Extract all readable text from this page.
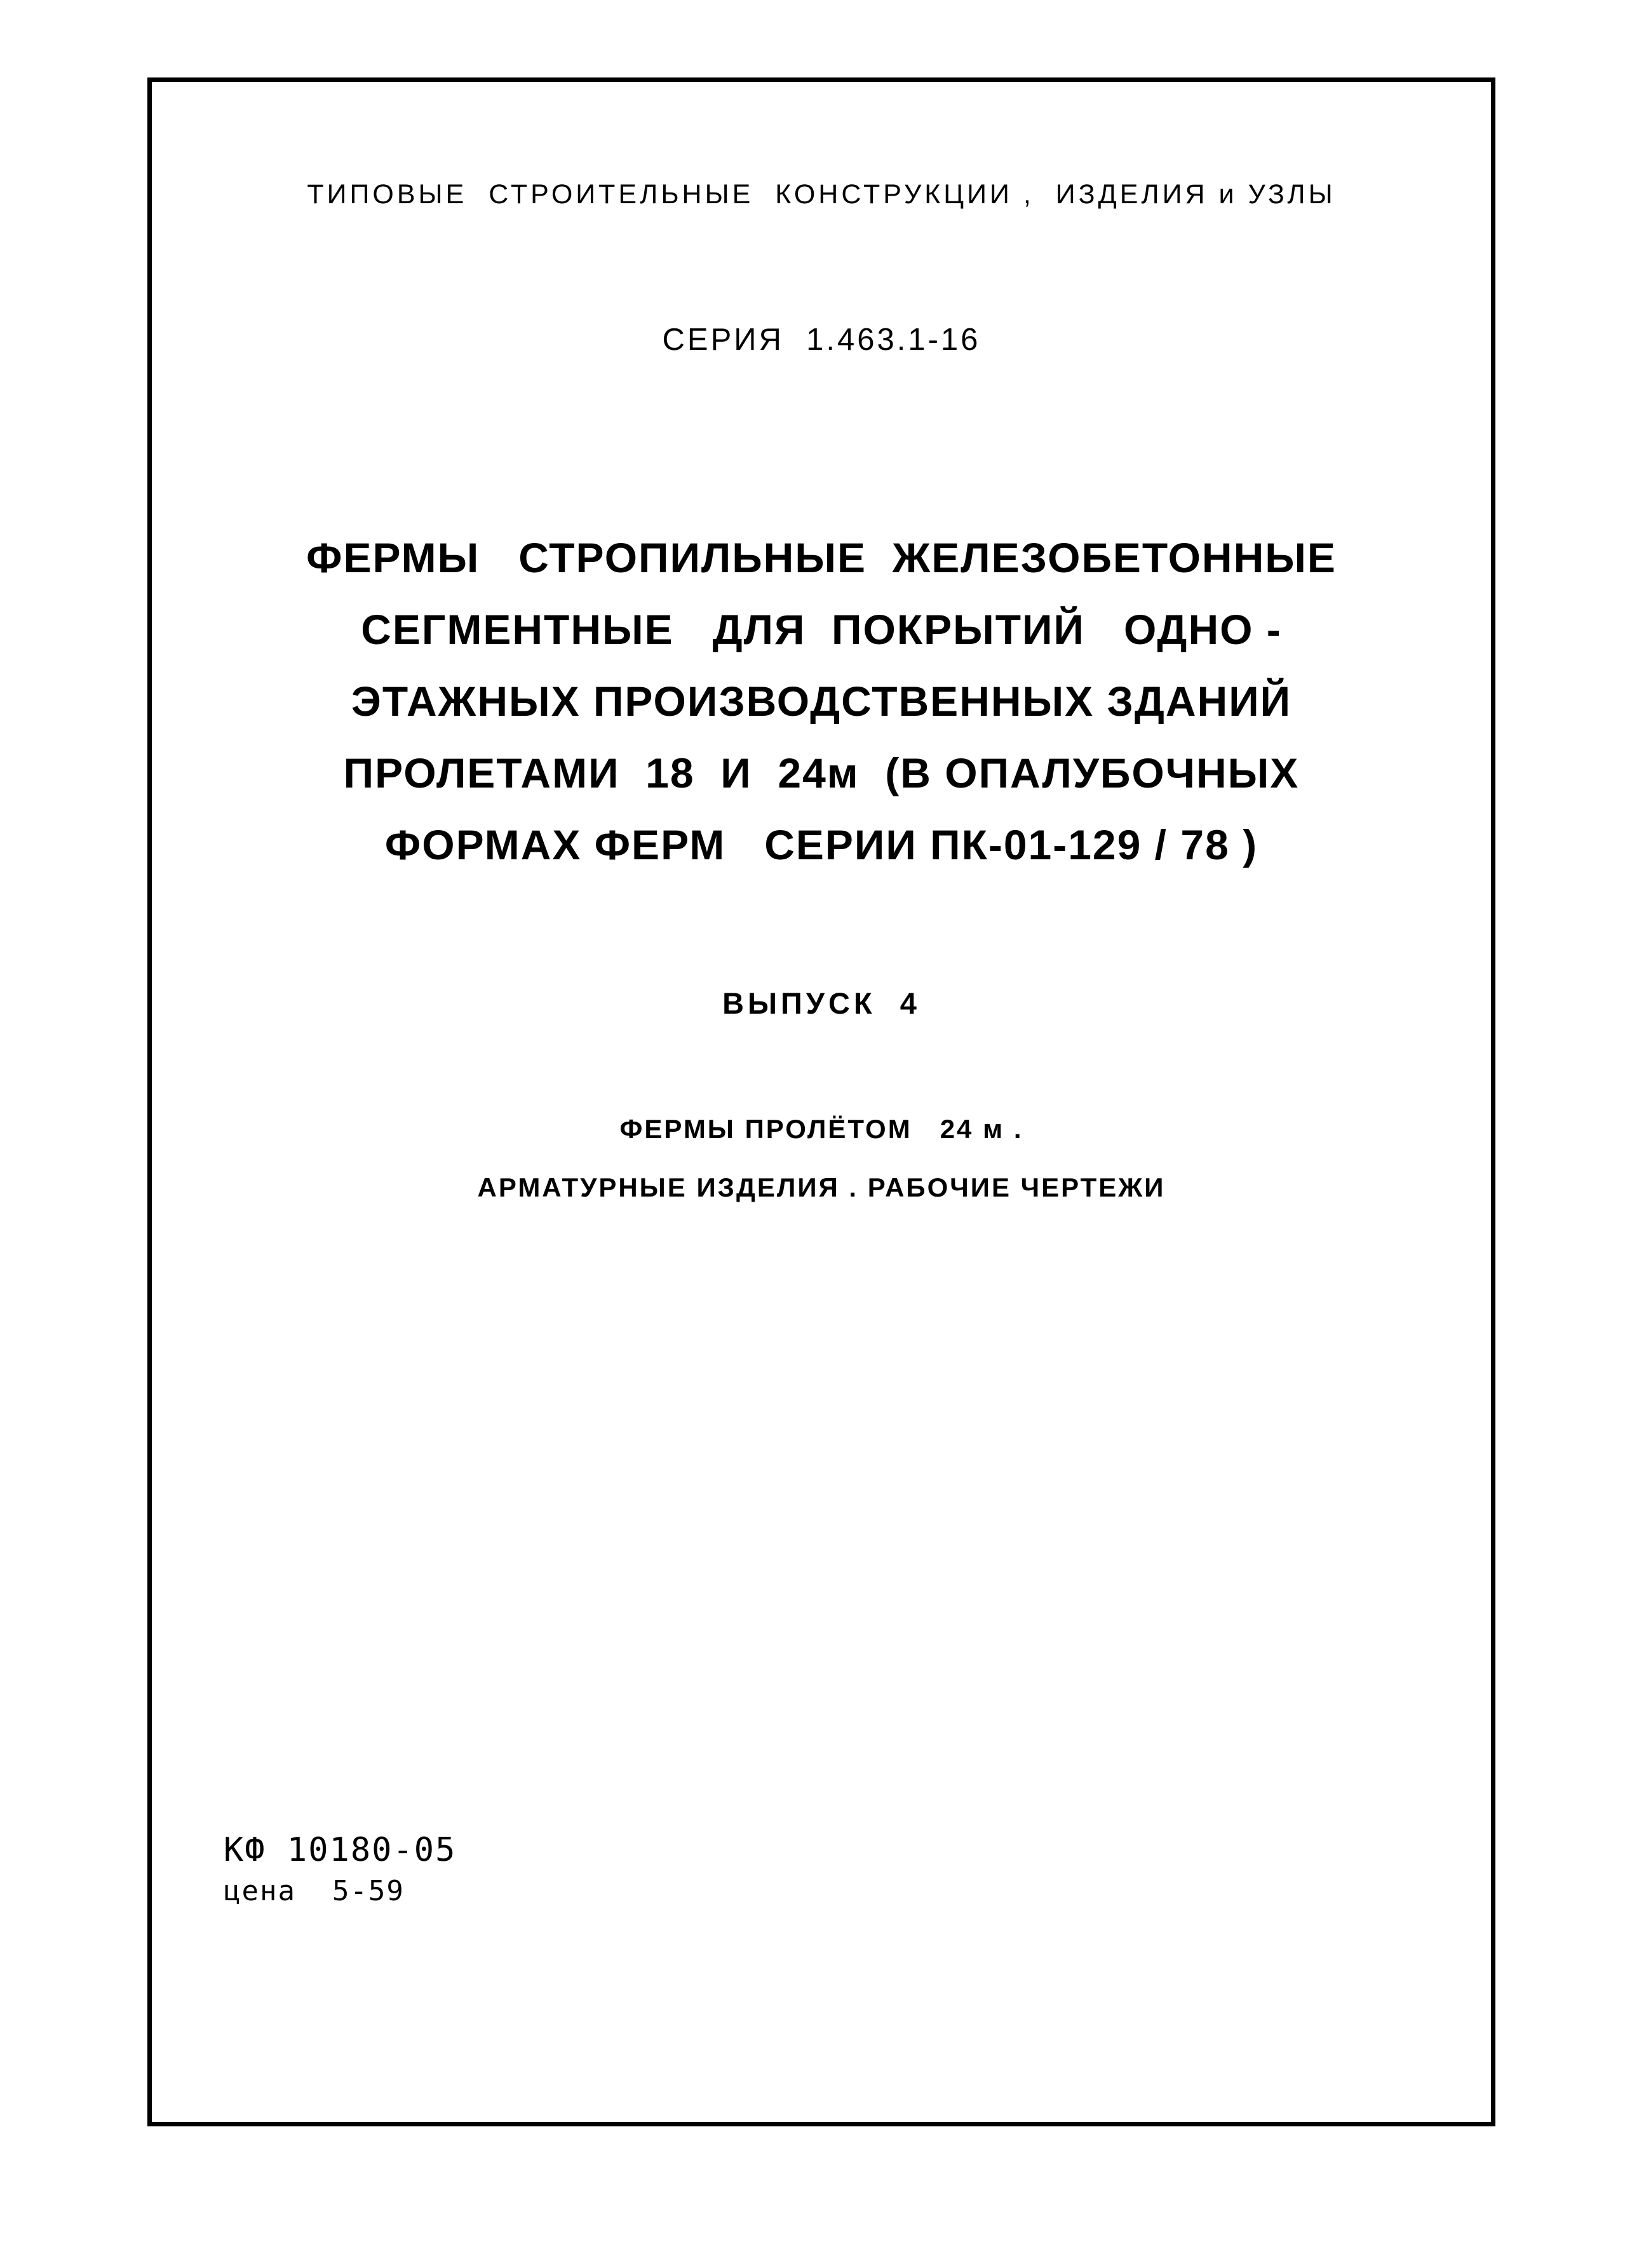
ТИПОВЫЕ  СТРОИТЕЛЬНЫЕ  КОНСТРУКЦИИ ,  ИЗДЕЛИЯ и УЗЛЫ
СЕРИЯ  1.463.1-16
ФЕРМЫ   СТРОПИЛЬНЫЕ  ЖЕЛЕЗОБЕТОННЫЕ
СЕГМЕНТНЫЕ   ДЛЯ  ПОКРЫТИЙ   ОДНО -
ЭТАЖНЫХ ПРОИЗВОДСТВЕННЫХ ЗДАНИЙ
ПРОЛЕТАМИ  18  И  24м  (В ОПАЛУБОЧНЫХ
ФОРМАХ ФЕРМ   СЕРИИ ПК-01-129 / 78 )
ВЫПУСК  4
ФЕРМЫ ПРОЛЁТОМ   24 м .
АРМАТУРНЫЕ ИЗДЕЛИЯ . РАБОЧИЕ ЧЕРТЕЖИ
КФ 10180-05
цена  5-59
